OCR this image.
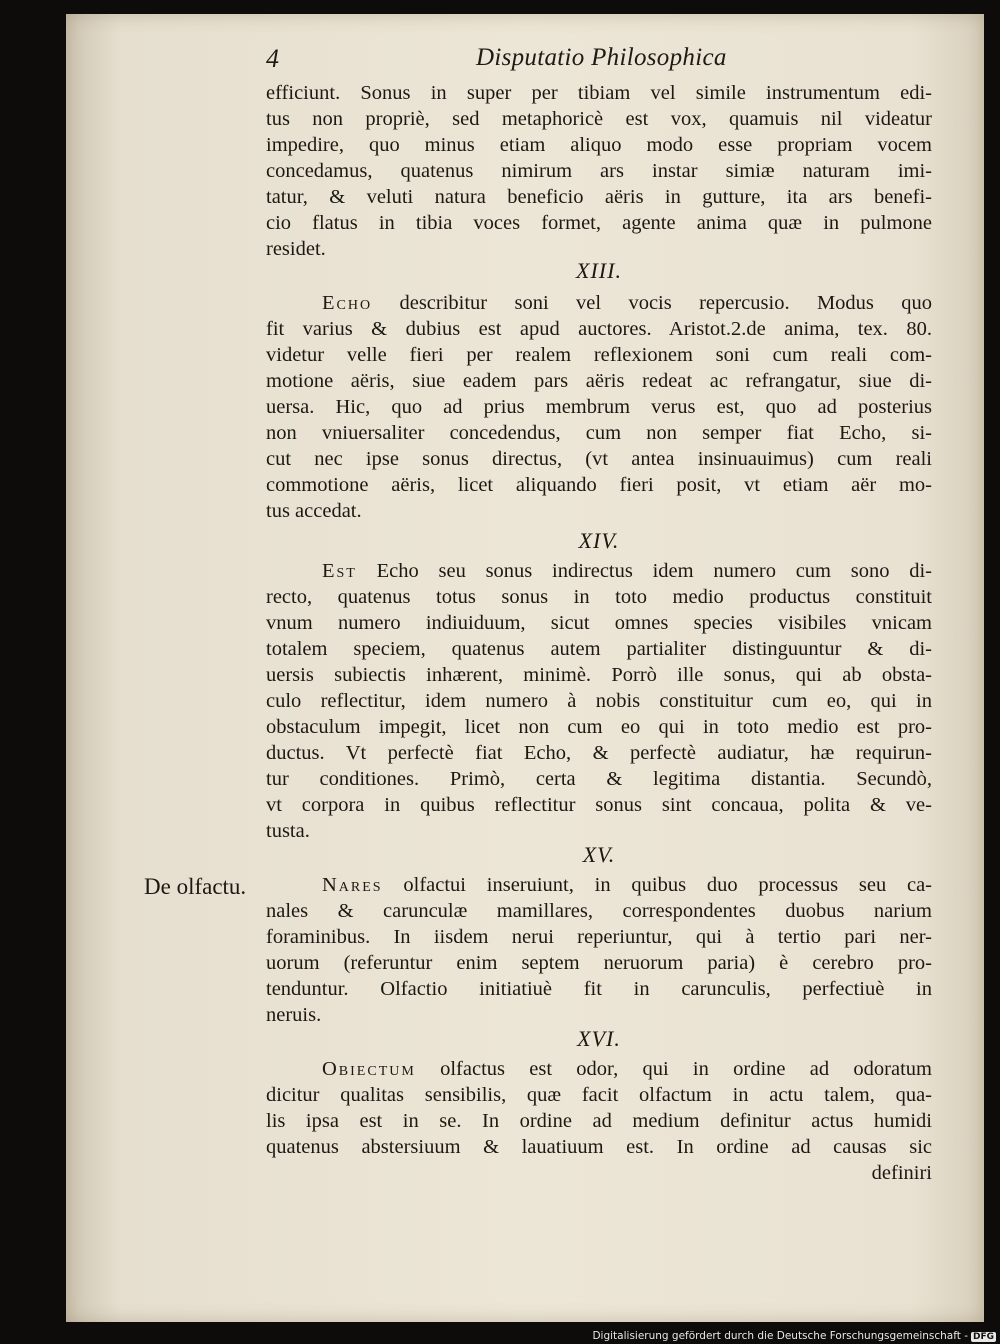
4	Disputatio Philosophica
efficiunt. Sonus in super per tibiam vel simile instrumentum edi-
tus non propriè, sed metaphoricè est vox, quamuis nil videatur
impedire, quo minus etiam aliquo modo esse propriam vocem
concedamus, quatenus nimirum ars instar simiæ naturam imi-
tatur, & veluti natura beneficio aëris in gutture, ita ars benefi-
cio flatus in tibia voces formet, agente anima quæ in pulmone
residet.
XIII.
Echo describitur soni vel vocis repercusio. Modus quo
fit varius & dubius est apud auctores. Aristot.2.de anima, tex. 80.
videtur velle fieri per realem reflexionem soni cum reali com-
motione aëris, siue eadem pars aëris redeat ac refrangatur, siue di-
uersa. Hic, quo ad prius membrum verus est, quo ad posterius
non vniuersaliter concedendus, cum non semper fiat Echo, si-
cut nec ipse sonus directus, (vt antea insinuauimus) cum reali
commotione aëris, licet aliquando fieri posit, vt etiam aër mo-
tus accedat.
XIV.
Est Echo seu sonus indirectus idem numero cum sono di-
recto, quatenus totus sonus in toto medio productus constituit
vnum numero indiuiduum, sicut omnes species visibiles vnicam
totalem speciem, quatenus autem partialiter distinguuntur & di-
uersis subiectis inhærent, minimè. Porrò ille sonus, qui ab obsta-
culo reflectitur, idem numero à nobis constituitur cum eo, qui in
obstaculum impegit, licet non cum eo qui in toto medio est pro-
ductus. Vt perfectè fiat Echo, & perfectè audiatur, hæ requirun-
tur conditiones. Primò, certa & legitima distantia. Secundò,
vt corpora in quibus reflectitur sonus sint concaua, polita & ve-
tusta.
XV.
De olfactu.	Nares olfactui inseruiunt, in quibus duo processus seu ca-
nales & carunculæ mamillares, correspondentes duobus narium
foraminibus. In iisdem nerui reperiuntur, qui à tertio pari ner-
uorum (referuntur enim septem neruorum paria) è cerebro pro-
tenduntur. Olfactio initiatiuè fit in carunculis, perfectiuè in
neruis.
XVI.
Obiectum olfactus est odor, qui in ordine ad odoratum
dicitur qualitas sensibilis, quæ facit olfactum in actu talem, qua-
lis ipsa est in se. In ordine ad medium definitur actus humidi
quatenus abstersiuum & lauatiuum est. In ordine ad causas sic
definiri
Digitalisierung gefördert durch die Deutsche Forschungsgemeinschaft - DFG
